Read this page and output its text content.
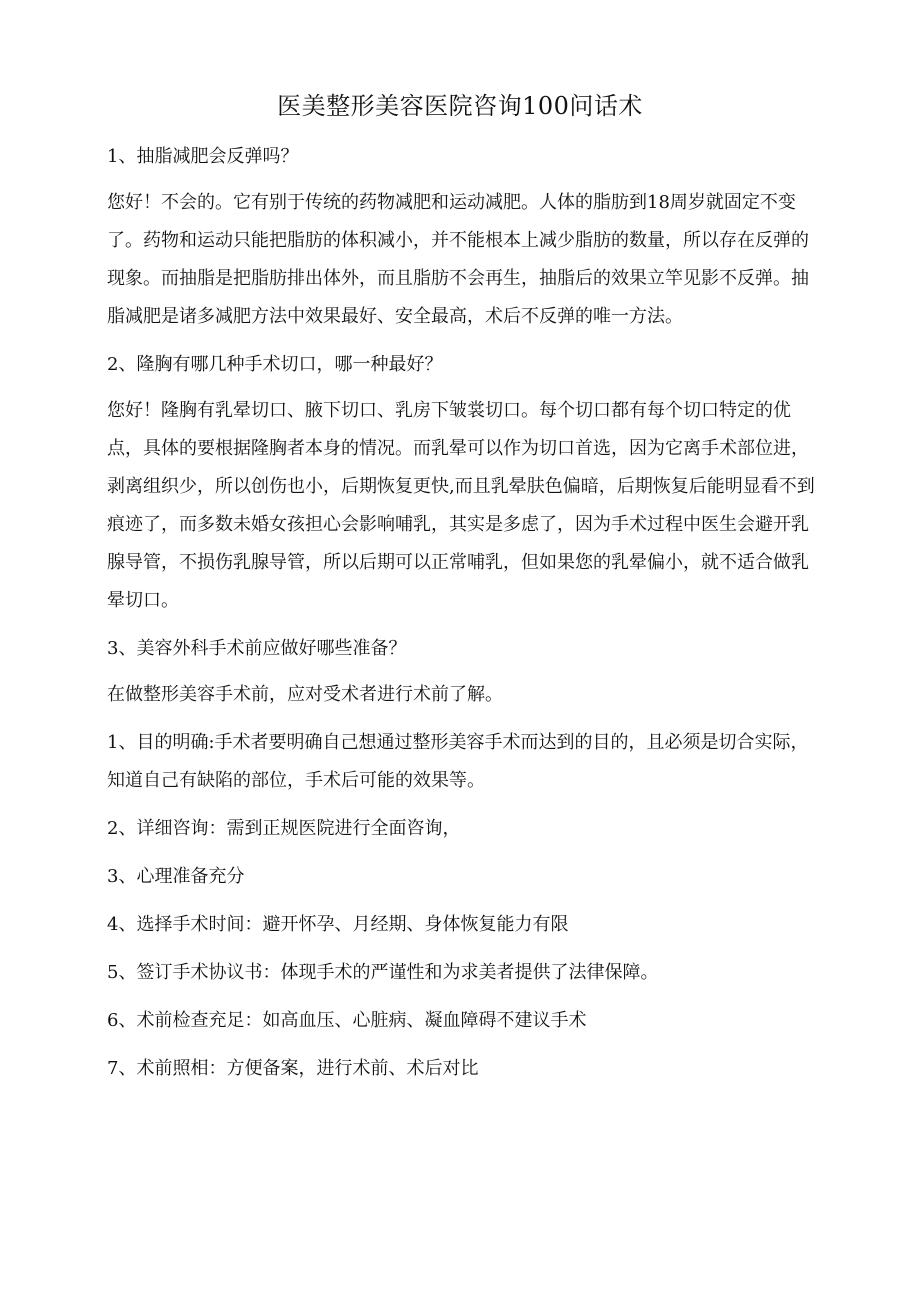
医美整形美容医院咨询100问话术

1、抽脂减肥会反弹吗？

您好！不会的。它有别于传统的药物减肥和运动减肥。人体的脂肪到18周岁就固定不变了。药物和运动只能把脂肪的体积减小，并不能根本上减少脂肪的数量，所以存在反弹的现象。而抽脂是把脂肪排出体外，而且脂肪不会再生，抽脂后的效果立竿见影不反弹。抽脂减肥是诸多减肥方法中效果最好、安全最高，术后不反弹的唯一方法。

2、隆胸有哪几种手术切口，哪一种最好？

您好！隆胸有乳晕切口、腋下切口、乳房下皱裳切口。每个切口都有每个切口特定的优点，具体的要根据隆胸者本身的情况。而乳晕可以作为切口首选，因为它离手术部位进，剥离组织少，所以创伤也小，后期恢复更快,而且乳晕肤色偏暗，后期恢复后能明显看不到痕迹了，而多数未婚女孩担心会影响哺乳，其实是多虑了，因为手术过程中医生会避开乳腺导管，不损伤乳腺导管，所以后期可以正常哺乳，但如果您的乳晕偏小，就不适合做乳晕切口。

3、美容外科手术前应做好哪些准备？

在做整形美容手术前，应对受术者进行术前了解。

1、目的明确:手术者要明确自己想通过整形美容手术而达到的目的，且必须是切合实际，知道自己有缺陷的部位，手术后可能的效果等。

2、详细咨询：需到正规医院进行全面咨询，

3、心理准备充分

4、选择手术时间：避开怀孕、月经期、身体恢复能力有限

5、签订手术协议书：体现手术的严谨性和为求美者提供了法律保障。

6、术前检查充足：如高血压、心脏病、凝血障碍不建议手术

7、术前照相：方便备案，进行术前、术后对比
